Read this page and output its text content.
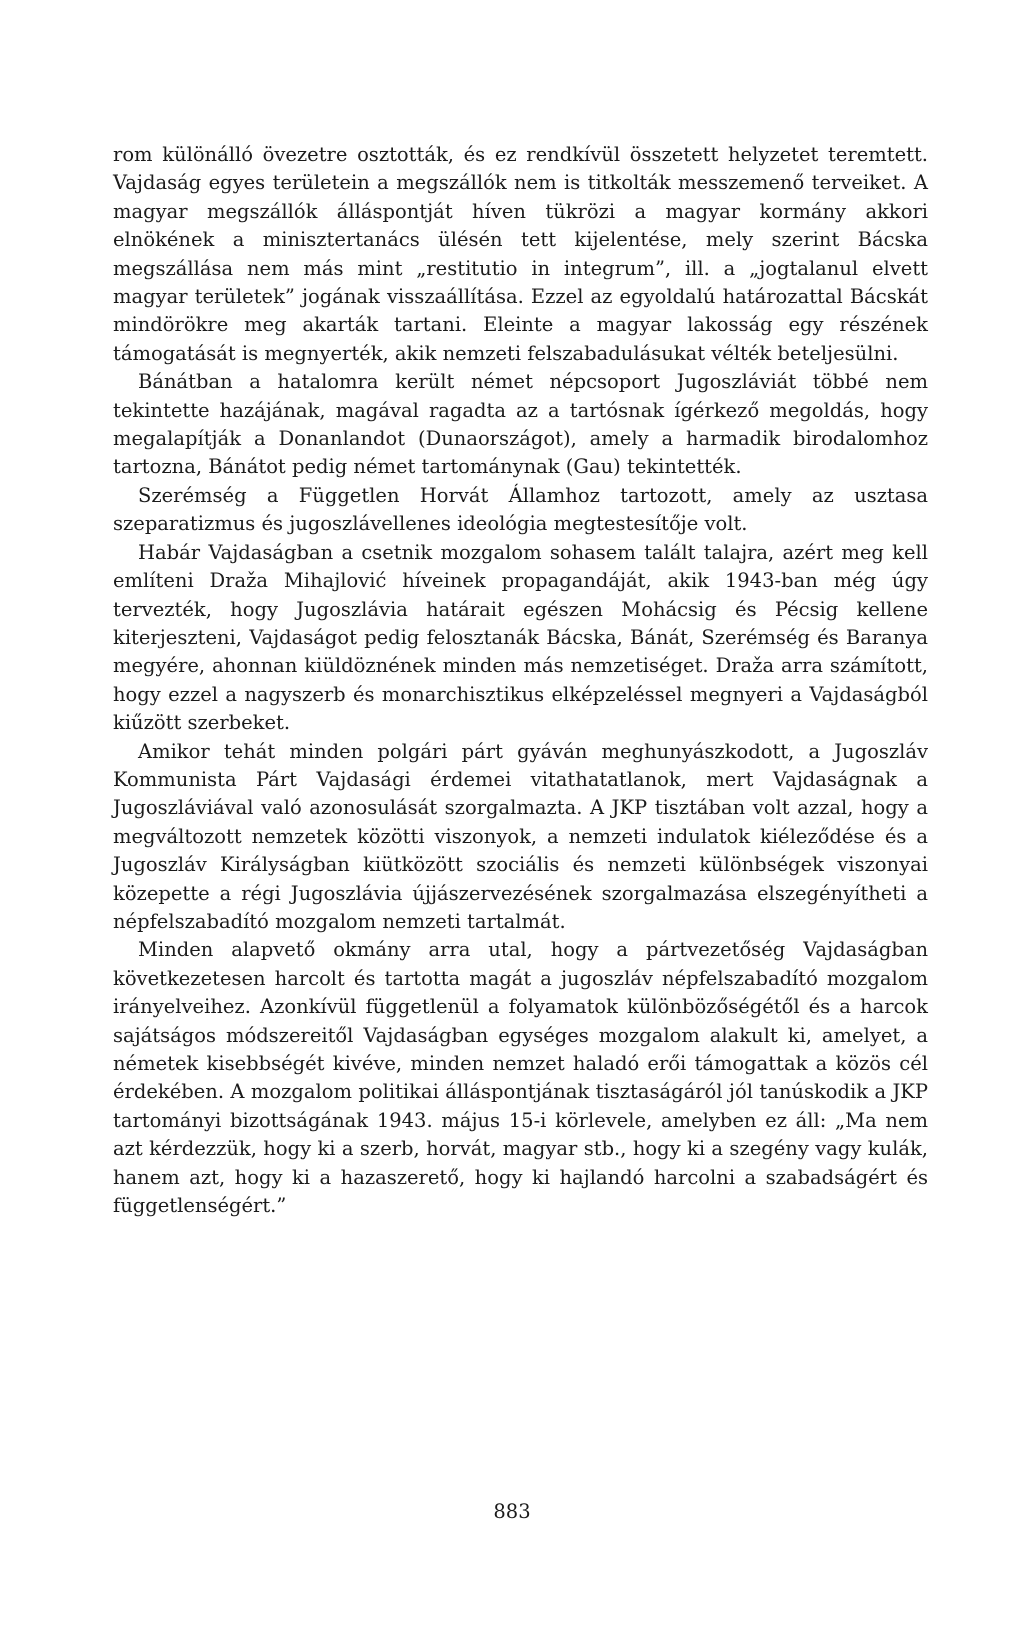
rom különálló övezetre osztották, és ez rendkívül összetett helyzetet teremtett. Vajdaság egyes területein a megszállók nem is titkolták messzemenő terveiket. A magyar megszállók álláspontját híven tükrözi a magyar kormány akkori elnökének a minisztertanács ülésén tett kijelentése, mely szerint Bácska megszállása nem más mint „restitutio in integrum”, ill. a „jogtalanul elvett magyar területek” jogának visszaállítása. Ezzel az egyoldalú határozattal Bácskát mindörökre meg akarták tartani. Eleinte a magyar lakosság egy részének támogatását is megnyerték, akik nemzeti felszabadulásukat vélték beteljesülni.

Bánátban a hatalomra került német népcsoport Jugoszláviát többé nem tekintette hazájának, magával ragadta az a tartósnak ígérkező megoldás, hogy megalapítják a Donanlandot (Dunaországot), amely a harmadik birodalomhoz tartozna, Bánátot pedig német tartománynak (Gau) tekintették.

Szerémség a Független Horvát Államhoz tartozott, amely az usztasa szeparatizmus és jugoszlávellenes ideológia megtestesítője volt.

Habár Vajdaságban a csetnik mozgalom sohasem talált talajra, azért meg kell említeni Draža Mihajlović híveinek propagandáját, akik 1943-ban még úgy tervezték, hogy Jugoszlávia határait egészen Mohácsig és Pécsig kellene kiterjeszteni, Vajdaságot pedig felosztanák Bácska, Bánát, Szerémség és Baranya megyére, ahonnan kiüldöznének minden más nemzetiséget. Draža arra számított, hogy ezzel a nagyszerb és monarchisztikus elképzeléssel megnyeri a Vajdaságból kiűzött szerbeket.

Amikor tehát minden polgári párt gyáván meghunyászkodott, a Jugoszláv Kommunista Párt Vajdasági érdemei vitathatatlanok, mert Vajdaságnak a Jugoszláviával való azonosulását szorgalmazta. A JKP tisztában volt azzal, hogy a megváltozott nemzetek közötti viszonyok, a nemzeti indulatok kiéleződése és a Jugoszláv Királyságban kiütközött szociális és nemzeti különbségek viszonyai közepette a régi Jugoszlávia újjászervezésének szorgalmazása elszegényítheti a népfelszabadító mozgalom nemzeti tartalmát.

Minden alapvető okmány arra utal, hogy a pártvezetőség Vajdaságban következetesen harcolt és tartotta magát a jugoszláv népfelszabadító mozgalom irányelveihez. Azonkívül függetlenül a folyamatok különbözőségétől és a harcok sajátságos módszereitől Vajdaságban egységes mozgalom alakult ki, amelyet, a németek kisebbségét kivéve, minden nemzet haladó erői támogattak a közös cél érdekében. A mozgalom politikai álláspontjának tisztaságáról jól tanúskodik a JKP tartományi bizottságának 1943. május 15-i körlevele, amelyben ez áll: „Ma nem azt kérdezzük, hogy ki a szerb, horvát, magyar stb., hogy ki a szegény vagy kulák, hanem azt, hogy ki a hazaszerető, hogy ki hajlandó harcolni a szabadságért és függetlenségért.”

883
